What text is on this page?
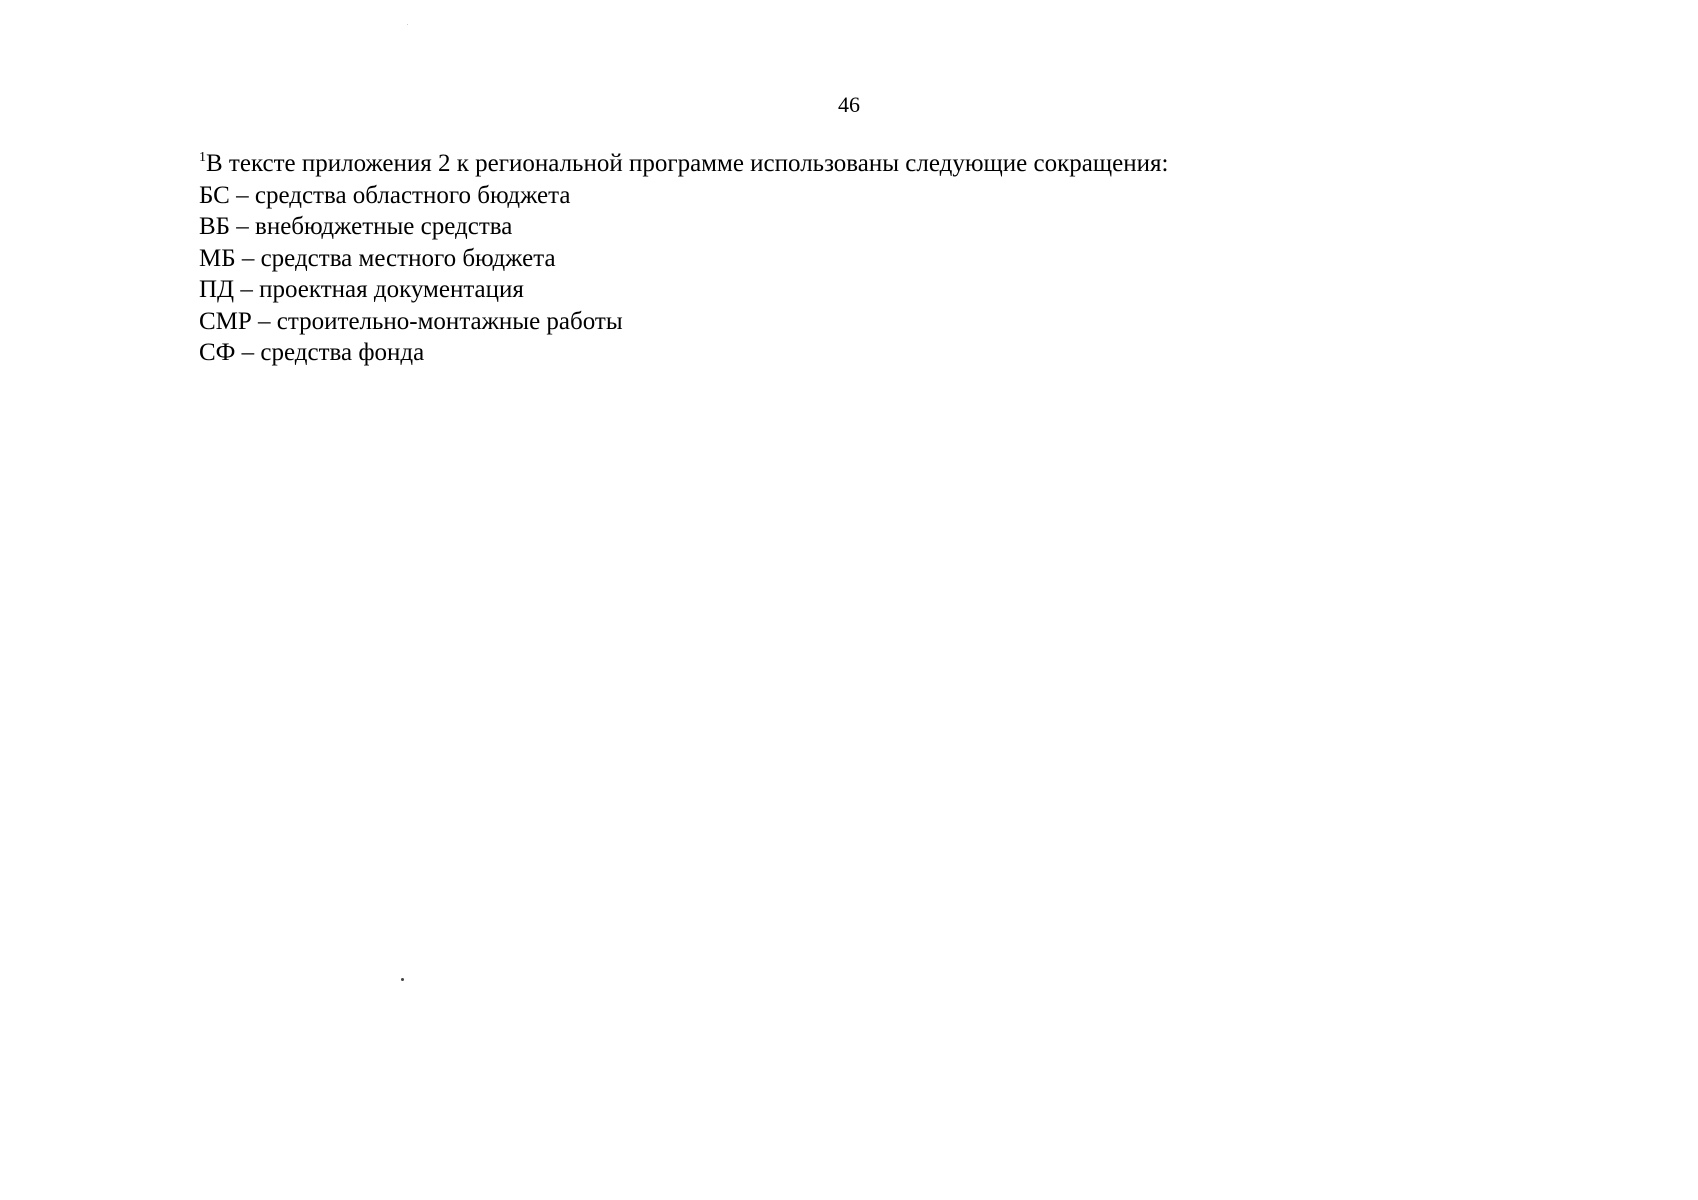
46
$^1$В тексте приложения 2 к региональной программе использованы следующие сокращения:
БС – средства областного бюджета
ВБ – внебюджетные средства
МБ – средства местного бюджета
ПД – проектная документация
СМР – строительно-монтажные работы
СФ – средства фонда
